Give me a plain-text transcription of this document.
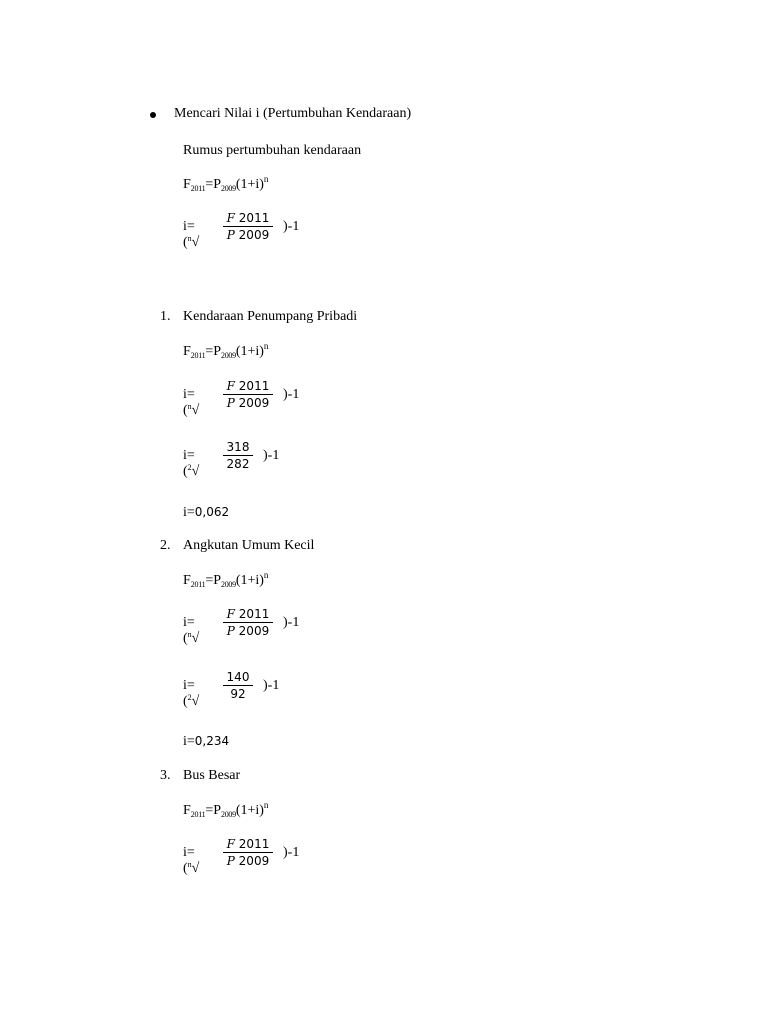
Mencari Nilai i (Pertumbuhan Kendaraan)
Rumus pertumbuhan kendaraan
$F_{2011}=P_{2009}(1+i)^n$
$i=(^n√ \frac{F 2011}{P 2009} )-1$
1. Kendaraan Penumpang Pribadi
$F_{2011}=P_{2009}(1+i)^n$
$i=(^n√ \frac{F 2011}{P 2009} )-1$
$i=(^2√ \frac{318}{282} )-1$
i=0,062
2. Angkutan Umum Kecil
$F_{2011}=P_{2009}(1+i)^n$
$i=(^n√ \frac{F 2011}{P 2009} )-1$
$i=(^2√ \frac{140}{92} )-1$
i=0,234
3. Bus Besar
$F_{2011}=P_{2009}(1+i)^n$
$i=(^n√ \frac{F 2011}{P 2009} )-1$
